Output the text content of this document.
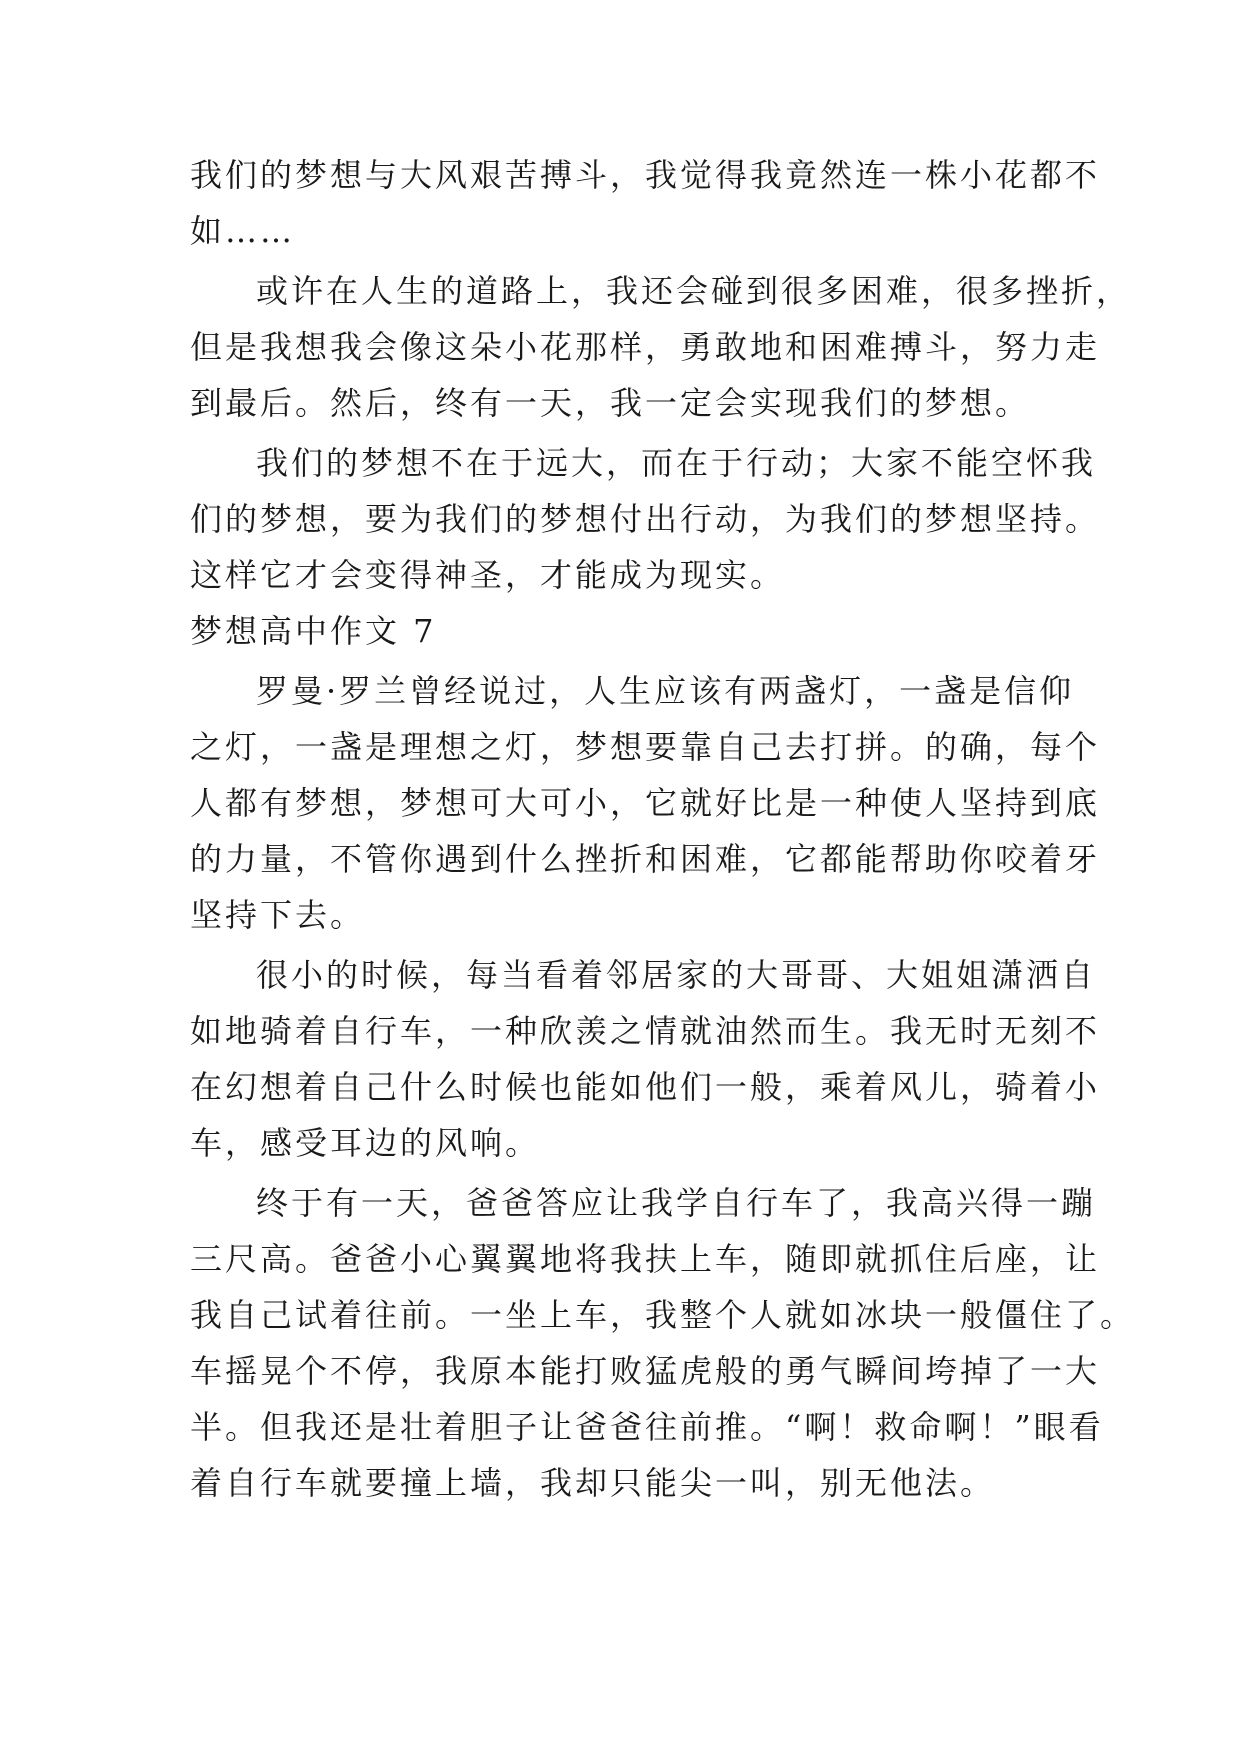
我们的梦想与大风艰苦搏斗，我觉得我竟然连一株小花都不
如……
或许在人生的道路上，我还会碰到很多困难，很多挫折，
但是我想我会像这朵小花那样，勇敢地和困难搏斗，努力走
到最后。然后，终有一天，我一定会实现我们的梦想。
我们的梦想不在于远大，而在于行动；大家不能空怀我
们的梦想，要为我们的梦想付出行动，为我们的梦想坚持。
这样它才会变得神圣，才能成为现实。
梦想高中作文 7
罗曼·罗兰曾经说过，人生应该有两盏灯，一盏是信仰
之灯，一盏是理想之灯，梦想要靠自己去打拼。的确，每个
人都有梦想，梦想可大可小，它就好比是一种使人坚持到底
的力量，不管你遇到什么挫折和困难，它都能帮助你咬着牙
坚持下去。
很小的时候，每当看着邻居家的大哥哥、大姐姐潇洒自
如地骑着自行车，一种欣羡之情就油然而生。我无时无刻不
在幻想着自己什么时候也能如他们一般，乘着风儿，骑着小
车，感受耳边的风响。
终于有一天，爸爸答应让我学自行车了，我高兴得一蹦
三尺高。爸爸小心翼翼地将我扶上车，随即就抓住后座，让
我自己试着往前。一坐上车，我整个人就如冰块一般僵住了。
车摇晃个不停，我原本能打败猛虎般的勇气瞬间垮掉了一大
半。但我还是壮着胆子让爸爸往前推。“啊！救命啊！”眼看
着自行车就要撞上墙，我却只能尖一叫，别无他法。
